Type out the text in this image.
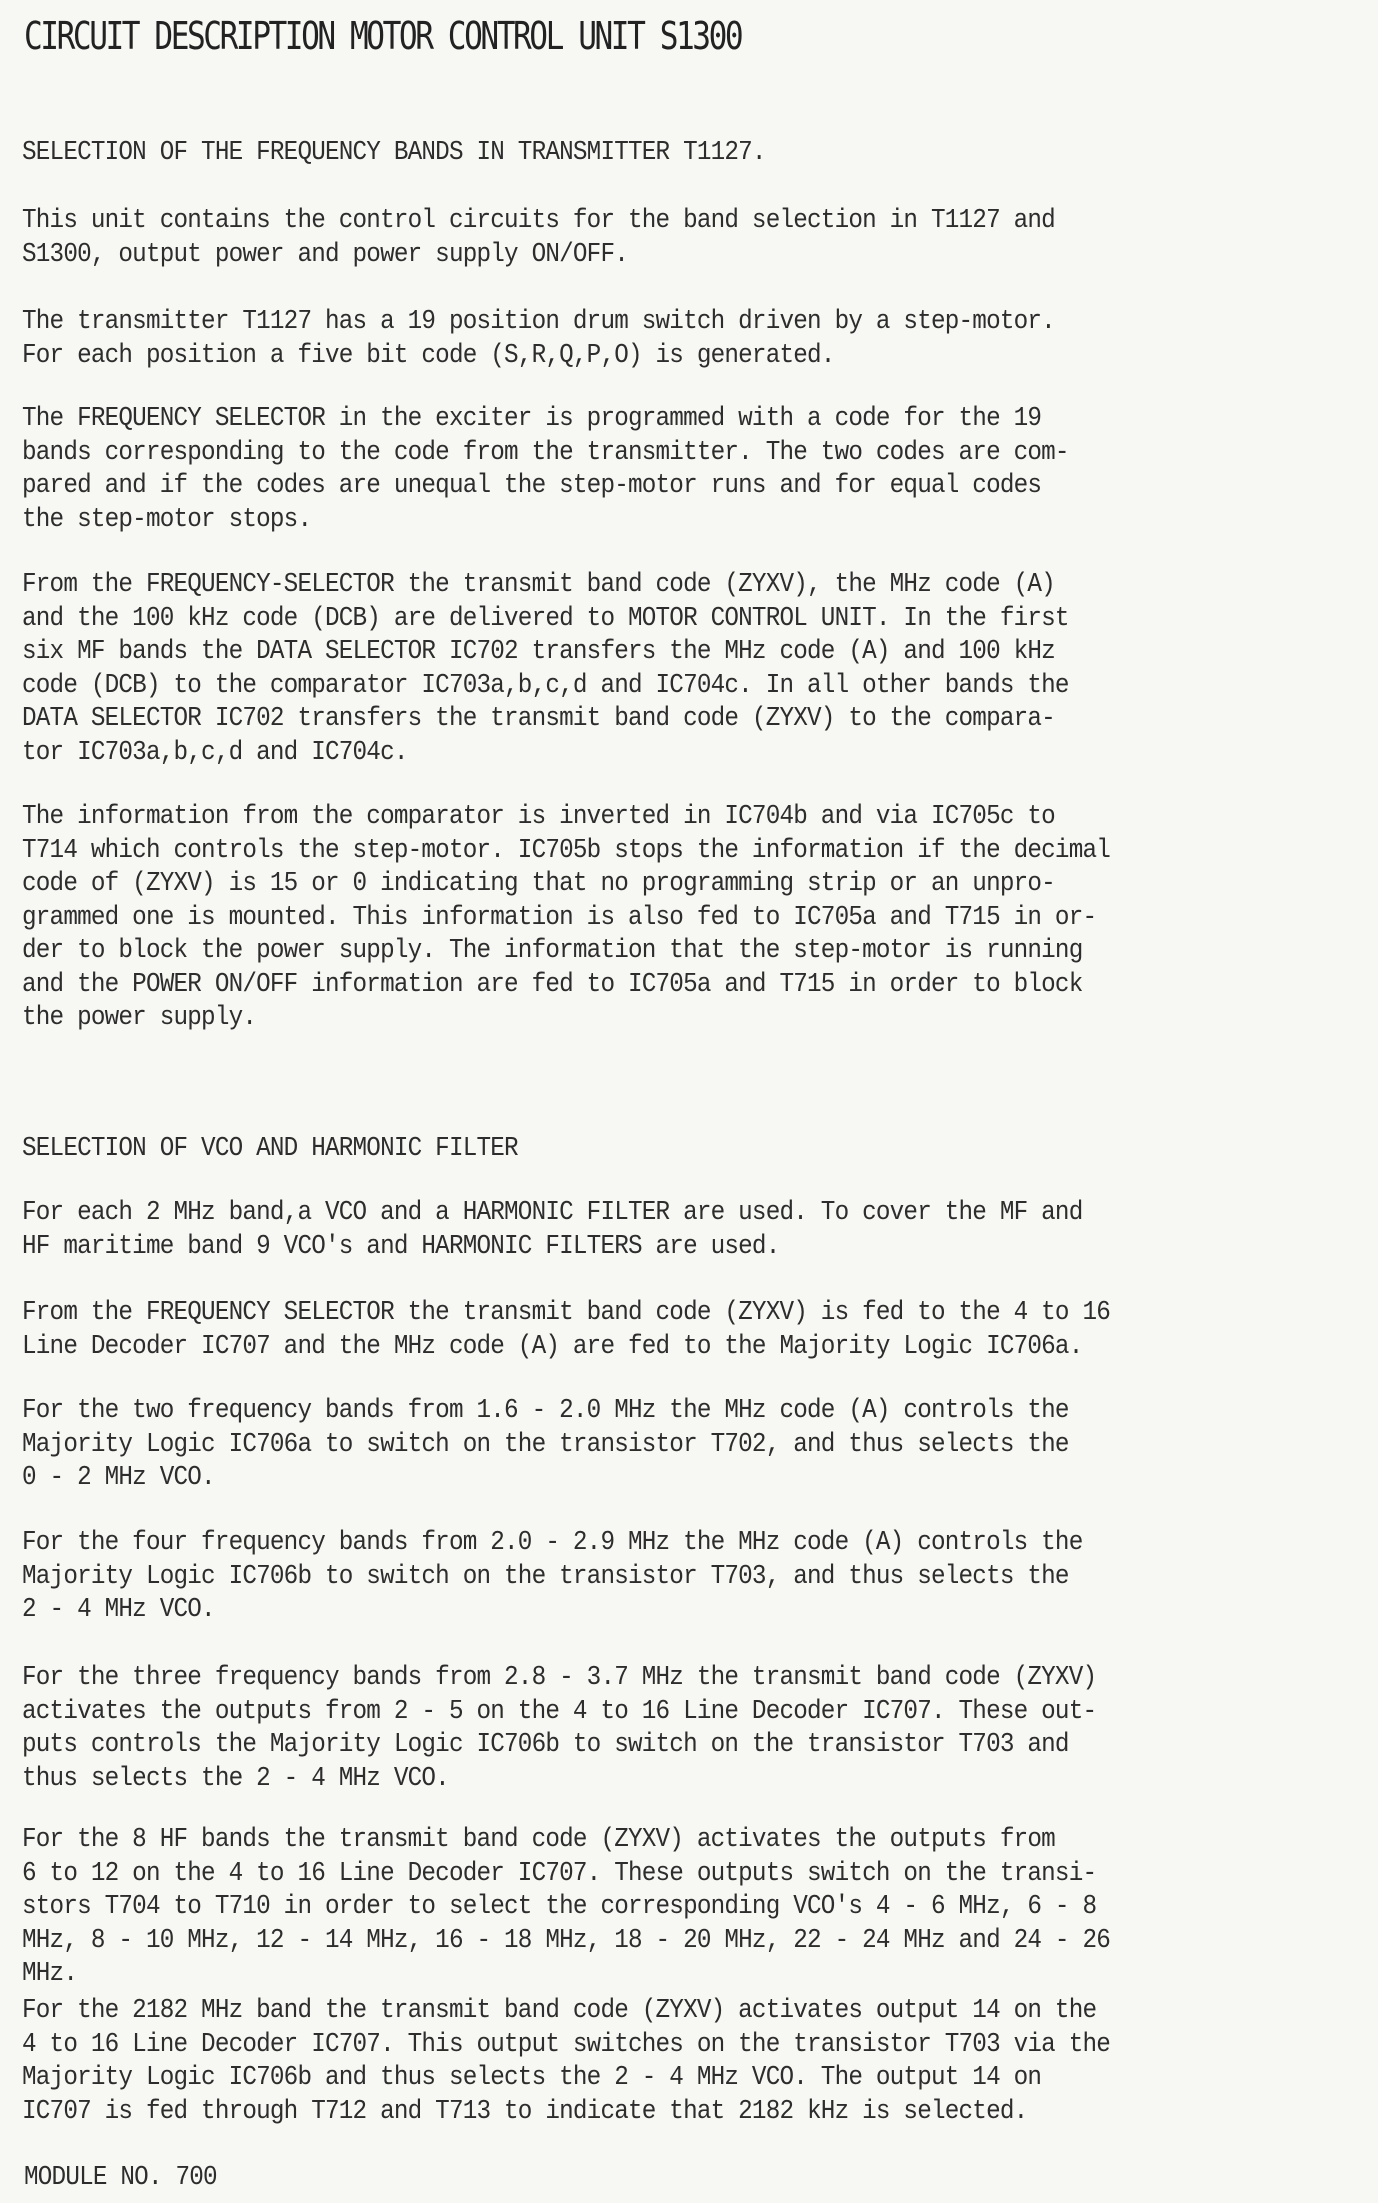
CIRCUIT DESCRIPTION MOTOR CONTROL UNIT S1300
SELECTION OF THE FREQUENCY BANDS IN TRANSMITTER T1127.
This unit contains the control circuits for the band selection in T1127 and
S1300, output power and power supply ON/OFF.
The transmitter T1127 has a 19 position drum switch driven by a step-motor.
For each position a five bit code (S,R,Q,P,O) is generated.
The FREQUENCY SELECTOR in the exciter is programmed with a code for the 19
bands corresponding to the code from the transmitter. The two codes are com-
pared and if the codes are unequal the step-motor runs and for equal codes
the step-motor stops.
From the FREQUENCY-SELECTOR the transmit band code (ZYXV), the MHz code (A)
and the 100 kHz code (DCB) are delivered to MOTOR CONTROL UNIT. In the first
six MF bands the DATA SELECTOR IC702 transfers the MHz code (A) and 100 kHz
code (DCB) to the comparator IC703a,b,c,d and IC704c. In all other bands the
DATA SELECTOR IC702 transfers the transmit band code (ZYXV) to the compara-
tor IC703a,b,c,d and IC704c.
The information from the comparator is inverted in IC704b and via IC705c to
T714 which controls the step-motor. IC705b stops the information if the decimal
code of (ZYXV) is 15 or 0 indicating that no programming strip or an unpro-
grammed one is mounted. This information is also fed to IC705a and T715 in or-
der to block the power supply. The information that the step-motor is running
and the POWER ON/OFF information are fed to IC705a and T715 in order to block
the power supply.
SELECTION OF VCO AND HARMONIC FILTER
For each 2 MHz band,a VCO and a HARMONIC FILTER are used. To cover the MF and
HF maritime band 9 VCO's and HARMONIC FILTERS are used.
From the FREQUENCY SELECTOR the transmit band code (ZYXV) is fed to the 4 to 16
Line Decoder IC707 and the MHz code (A) are fed to the Majority Logic IC706a.
For the two frequency bands from 1.6 - 2.0 MHz the MHz code (A) controls the
Majority Logic IC706a to switch on the transistor T702, and thus selects the
0 - 2 MHz VCO.
For the four frequency bands from 2.0 - 2.9 MHz the MHz code (A) controls the
Majority Logic IC706b to switch on the transistor T703, and thus selects the
2 - 4 MHz VCO.
For the three frequency bands from 2.8 - 3.7 MHz the transmit band code (ZYXV)
activates the outputs from 2 - 5 on the 4 to 16 Line Decoder IC707. These out-
puts controls the Majority Logic IC706b to switch on the transistor T703 and
thus selects the 2 - 4 MHz VCO.
For the 8 HF bands the transmit band code (ZYXV) activates the outputs from
6 to 12 on the 4 to 16 Line Decoder IC707. These outputs switch on the transi-
stors T704 to T710 in order to select the corresponding VCO's 4 - 6 MHz, 6 - 8
MHz, 8 - 10 MHz, 12 - 14 MHz, 16 - 18 MHz, 18 - 20 MHz, 22 - 24 MHz and 24 - 26
MHz.
For the 2182 MHz band the transmit band code (ZYXV) activates output 14 on the
4 to 16 Line Decoder IC707. This output switches on the transistor T703 via the
Majority Logic IC706b and thus selects the 2 - 4 MHz VCO. The output 14 on
IC707 is fed through T712 and T713 to indicate that 2182 kHz is selected.
MODULE NO. 700
